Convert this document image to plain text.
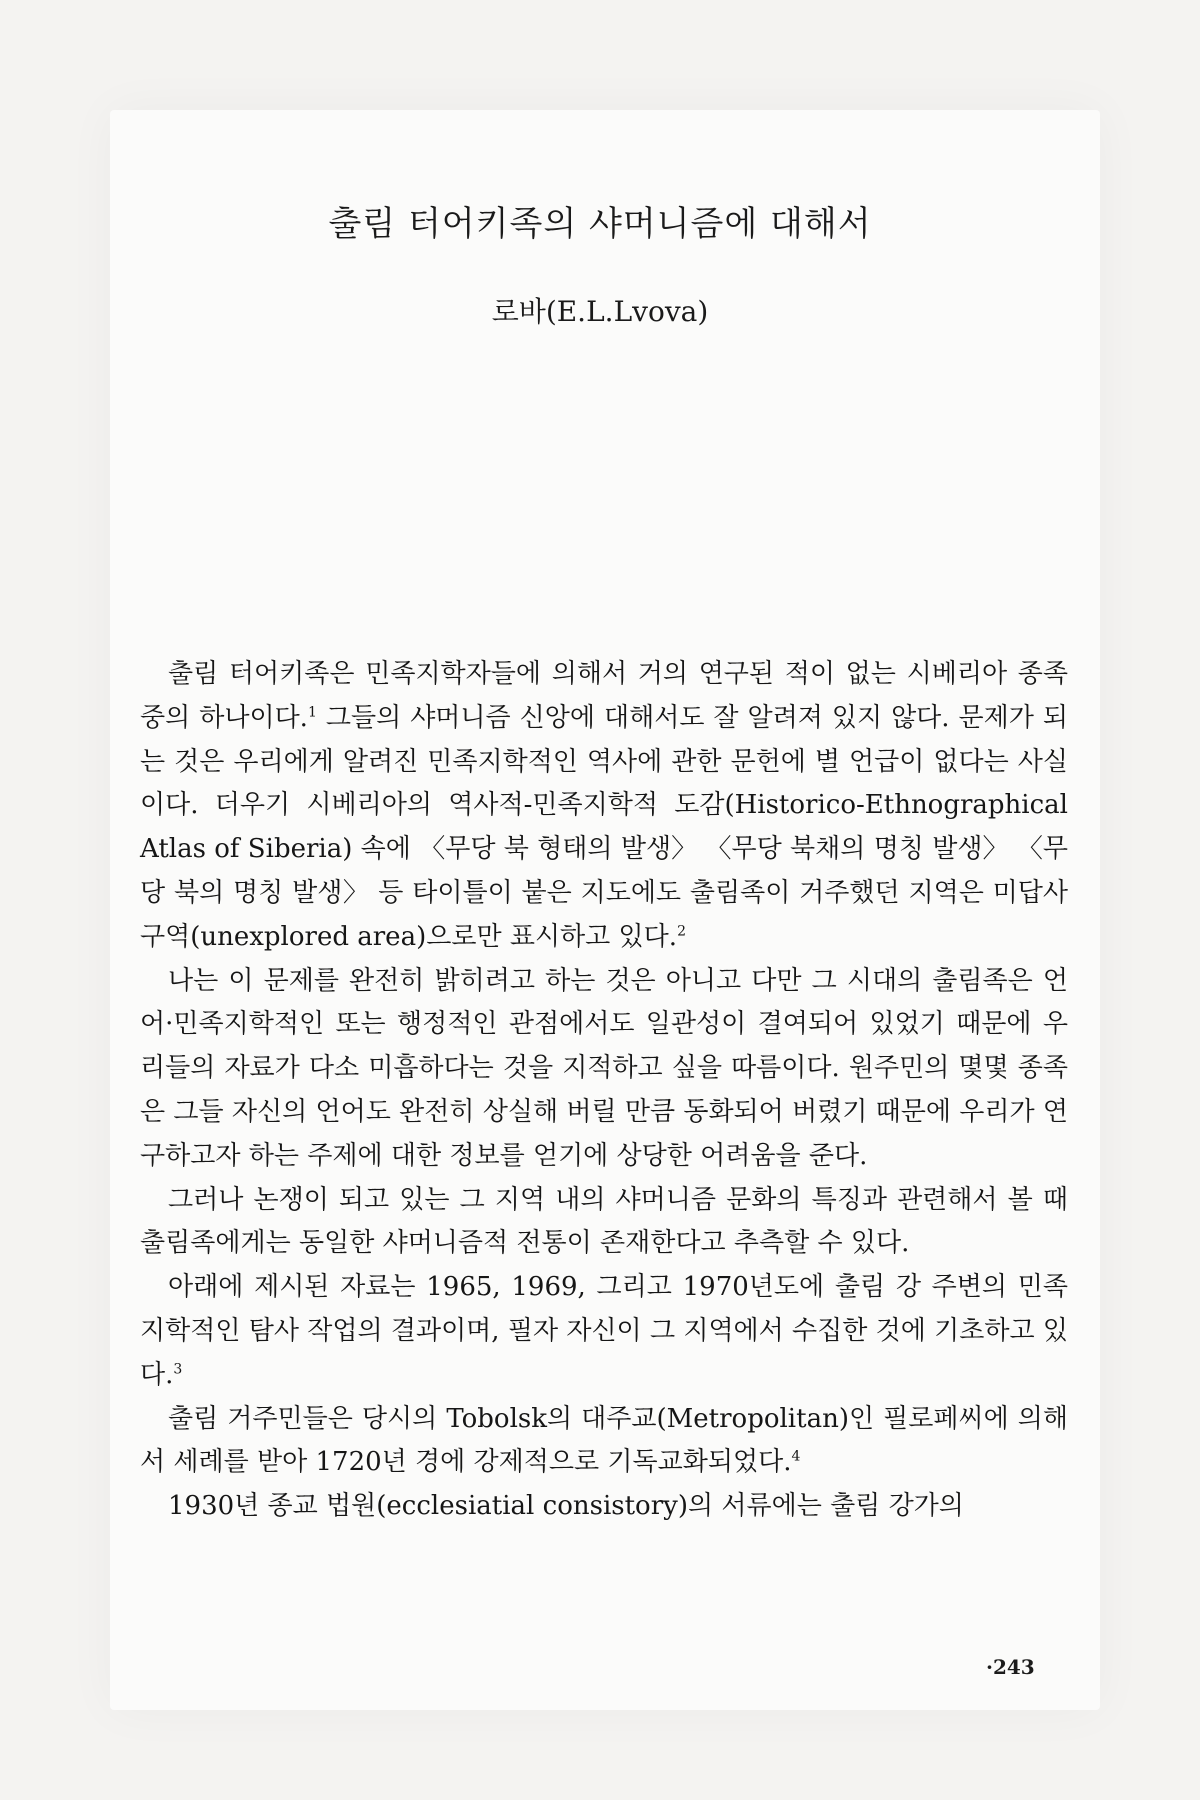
출림 터어키족의 샤머니즘에 대해서

로바(E.L.Lvova)

출림 터어키족은 민족지학자들에 의해서 거의 연구된 적이 없는 시베리아 종족 중의 하나이다.$^1$ 그들의 샤머니즘 신앙에 대해서도 잘 알려져 있지 않다. 문제가 되는 것은 우리에게 알려진 민족지학적인 역사에 관한 문헌에 별 언급이 없다는 사실이다. 더우기 시베리아의 역사적-민족지학적 도감(Historico-Ethnographical Atlas of Siberia) 속에 〈무당 북 형태의 발생〉 〈무당 북채의 명칭 발생〉 〈무당 북의 명칭 발생〉 등 타이틀이 붙은 지도에도 출림족이 거주했던 지역은 미답사 구역(unexplored area)으로만 표시하고 있다.$^2$

나는 이 문제를 완전히 밝히려고 하는 것은 아니고 다만 그 시대의 출림족은 언어·민족지학적인 또는 행정적인 관점에서도 일관성이 결여되어 있었기 때문에 우리들의 자료가 다소 미흡하다는 것을 지적하고 싶을 따름이다. 원주민의 몇몇 종족은 그들 자신의 언어도 완전히 상실해 버릴 만큼 동화되어 버렸기 때문에 우리가 연구하고자 하는 주제에 대한 정보를 얻기에 상당한 어려움을 준다.

그러나 논쟁이 되고 있는 그 지역 내의 샤머니즘 문화의 특징과 관련해서 볼 때 출림족에게는 동일한 샤머니즘적 전통이 존재한다고 추측할 수 있다.

아래에 제시된 자료는 1965, 1969, 그리고 1970년도에 출림 강 주변의 민족지학적인 탐사 작업의 결과이며, 필자 자신이 그 지역에서 수집한 것에 기초하고 있다.$^3$

출림 거주민들은 당시의 Tobolsk의 대주교(Metropolitan)인 필로페씨에 의해서 세례를 받아 1720년 경에 강제적으로 기독교화되었다.$^4$

1930년 종교 법원(ecclesiatial consistory)의 서류에는 출림 강가의

·243
